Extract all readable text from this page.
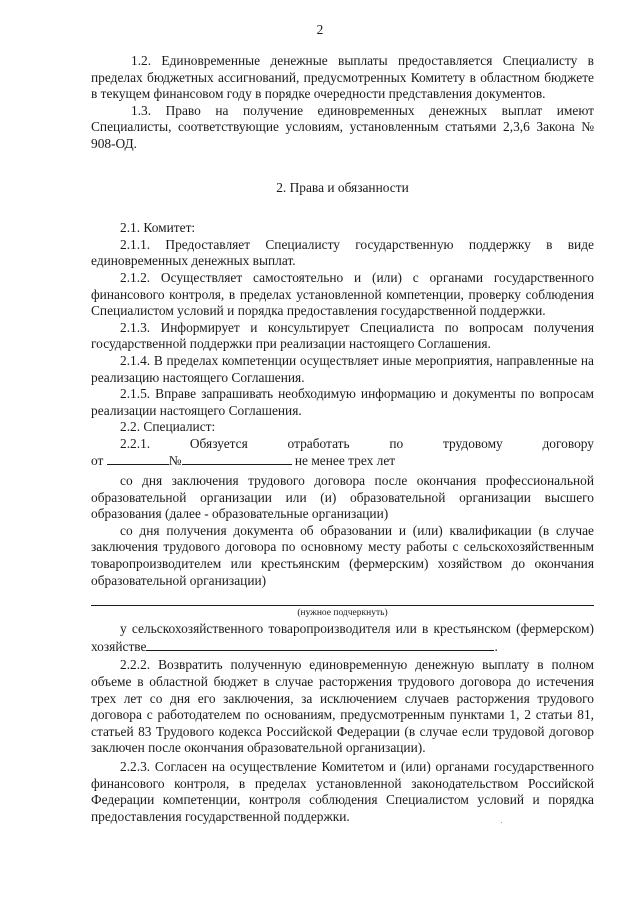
2

1.2. Единовременные денежные выплаты предоставляется Специалисту в пределах бюджетных ассигнований, предусмотренных Комитету в областном бюджете в текущем финансовом году в порядке очередности представления документов.

1.3. Право на получение единовременных денежных выплат имеют Специалисты, соответствующие условиям, установленным статьями 2,3,6 Закона № 908-ОД.

2. Права и обязанности

2.1. Комитет:

2.1.1. Предоставляет Специалисту государственную поддержку в виде единовременных денежных выплат.

2.1.2. Осуществляет самостоятельно и (или) с органами государственного финансового контроля, в пределах установленной компетенции, проверку соблюдения Специалистом условий и порядка предоставления государственной поддержки.

2.1.3. Информирует и консультирует Специалиста по вопросам получения государственной поддержки при реализации настоящего Соглашения.

2.1.4. В пределах компетенции осуществляет иные мероприятия, направленные на реализацию настоящего Соглашения.

2.1.5. Вправе запрашивать необходимую информацию и документы по вопросам реализации настоящего Соглашения.

2.2. Специалист:

2.2.1.	Обязуется	отработать	по	трудовому	договору

от	№	не менее трех лет

со дня заключения трудового договора после окончания профессиональной образовательной организации или (и) образовательной организации высшего образования (далее - образовательные организации)

со дня получения документа об образовании и (или) квалификации (в случае заключения трудового договора по основному месту работы с сельскохозяйственным товаропроизводителем или крестьянским (фермерским) хозяйством до окончания образовательной организации)

(нужное подчеркнуть)

у сельскохозяйственного товаропроизводителя или в крестьянском (фермерском) хозяйстве	.

2.2.2. Возвратить полученную единовременную денежную выплату в полном объеме в областной бюджет в случае расторжения трудового договора до истечения трех лет со дня его заключения, за исключением случаев расторжения трудового договора с работодателем по основаниям, предусмотренным пунктами 1, 2 статьи 81, статьей 83 Трудового кодекса Российской Федерации (в случае если трудовой договор заключен после окончания образовательной организации).

2.2.3. Согласен на осуществление Комитетом и (или) органами государственного финансового контроля, в пределах установленной законодательством Российской Федерации компетенции, контроля соблюдения Специалистом условий и порядка предоставления государственной поддержки.
